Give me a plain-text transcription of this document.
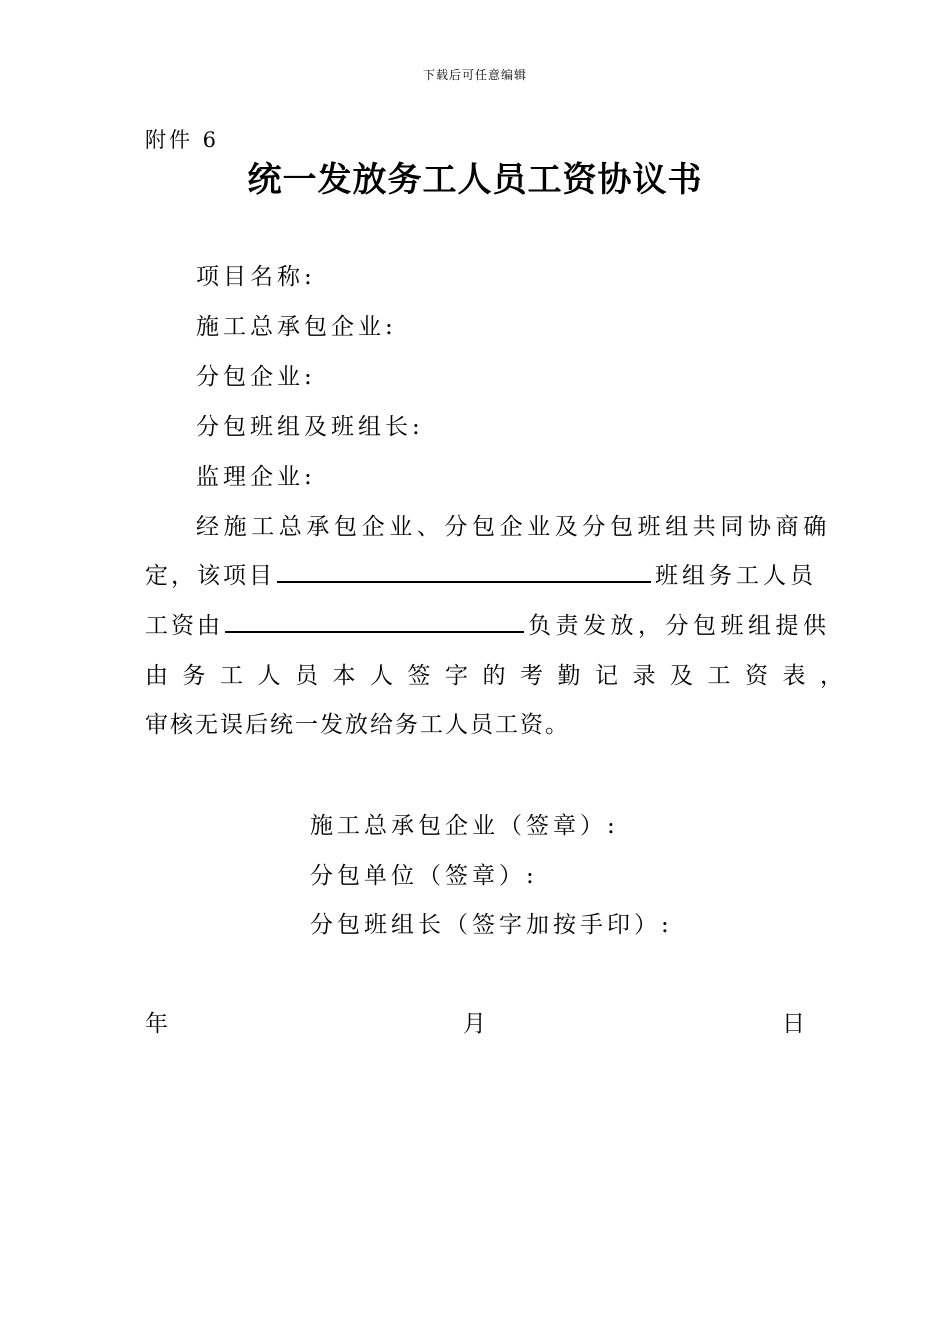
下载后可任意编辑
附件 6
统一发放务工人员工资协议书
项目名称:
施工总承包企业:
分包企业:
分包班组及班组长:
监理企业:
经施工总承包企业、分包企业及分包班组共同协商确
定，该项目	班组务工人员
工资由	负责发放，分包班组提供
由务工人员本人签字的考勤记录及工资表，
审核无误后统一发放给务工人员工资。
施工总承包企业（签章）:
分包单位（签章）:
分包班组长（签字加按手印）:
年	月	日
